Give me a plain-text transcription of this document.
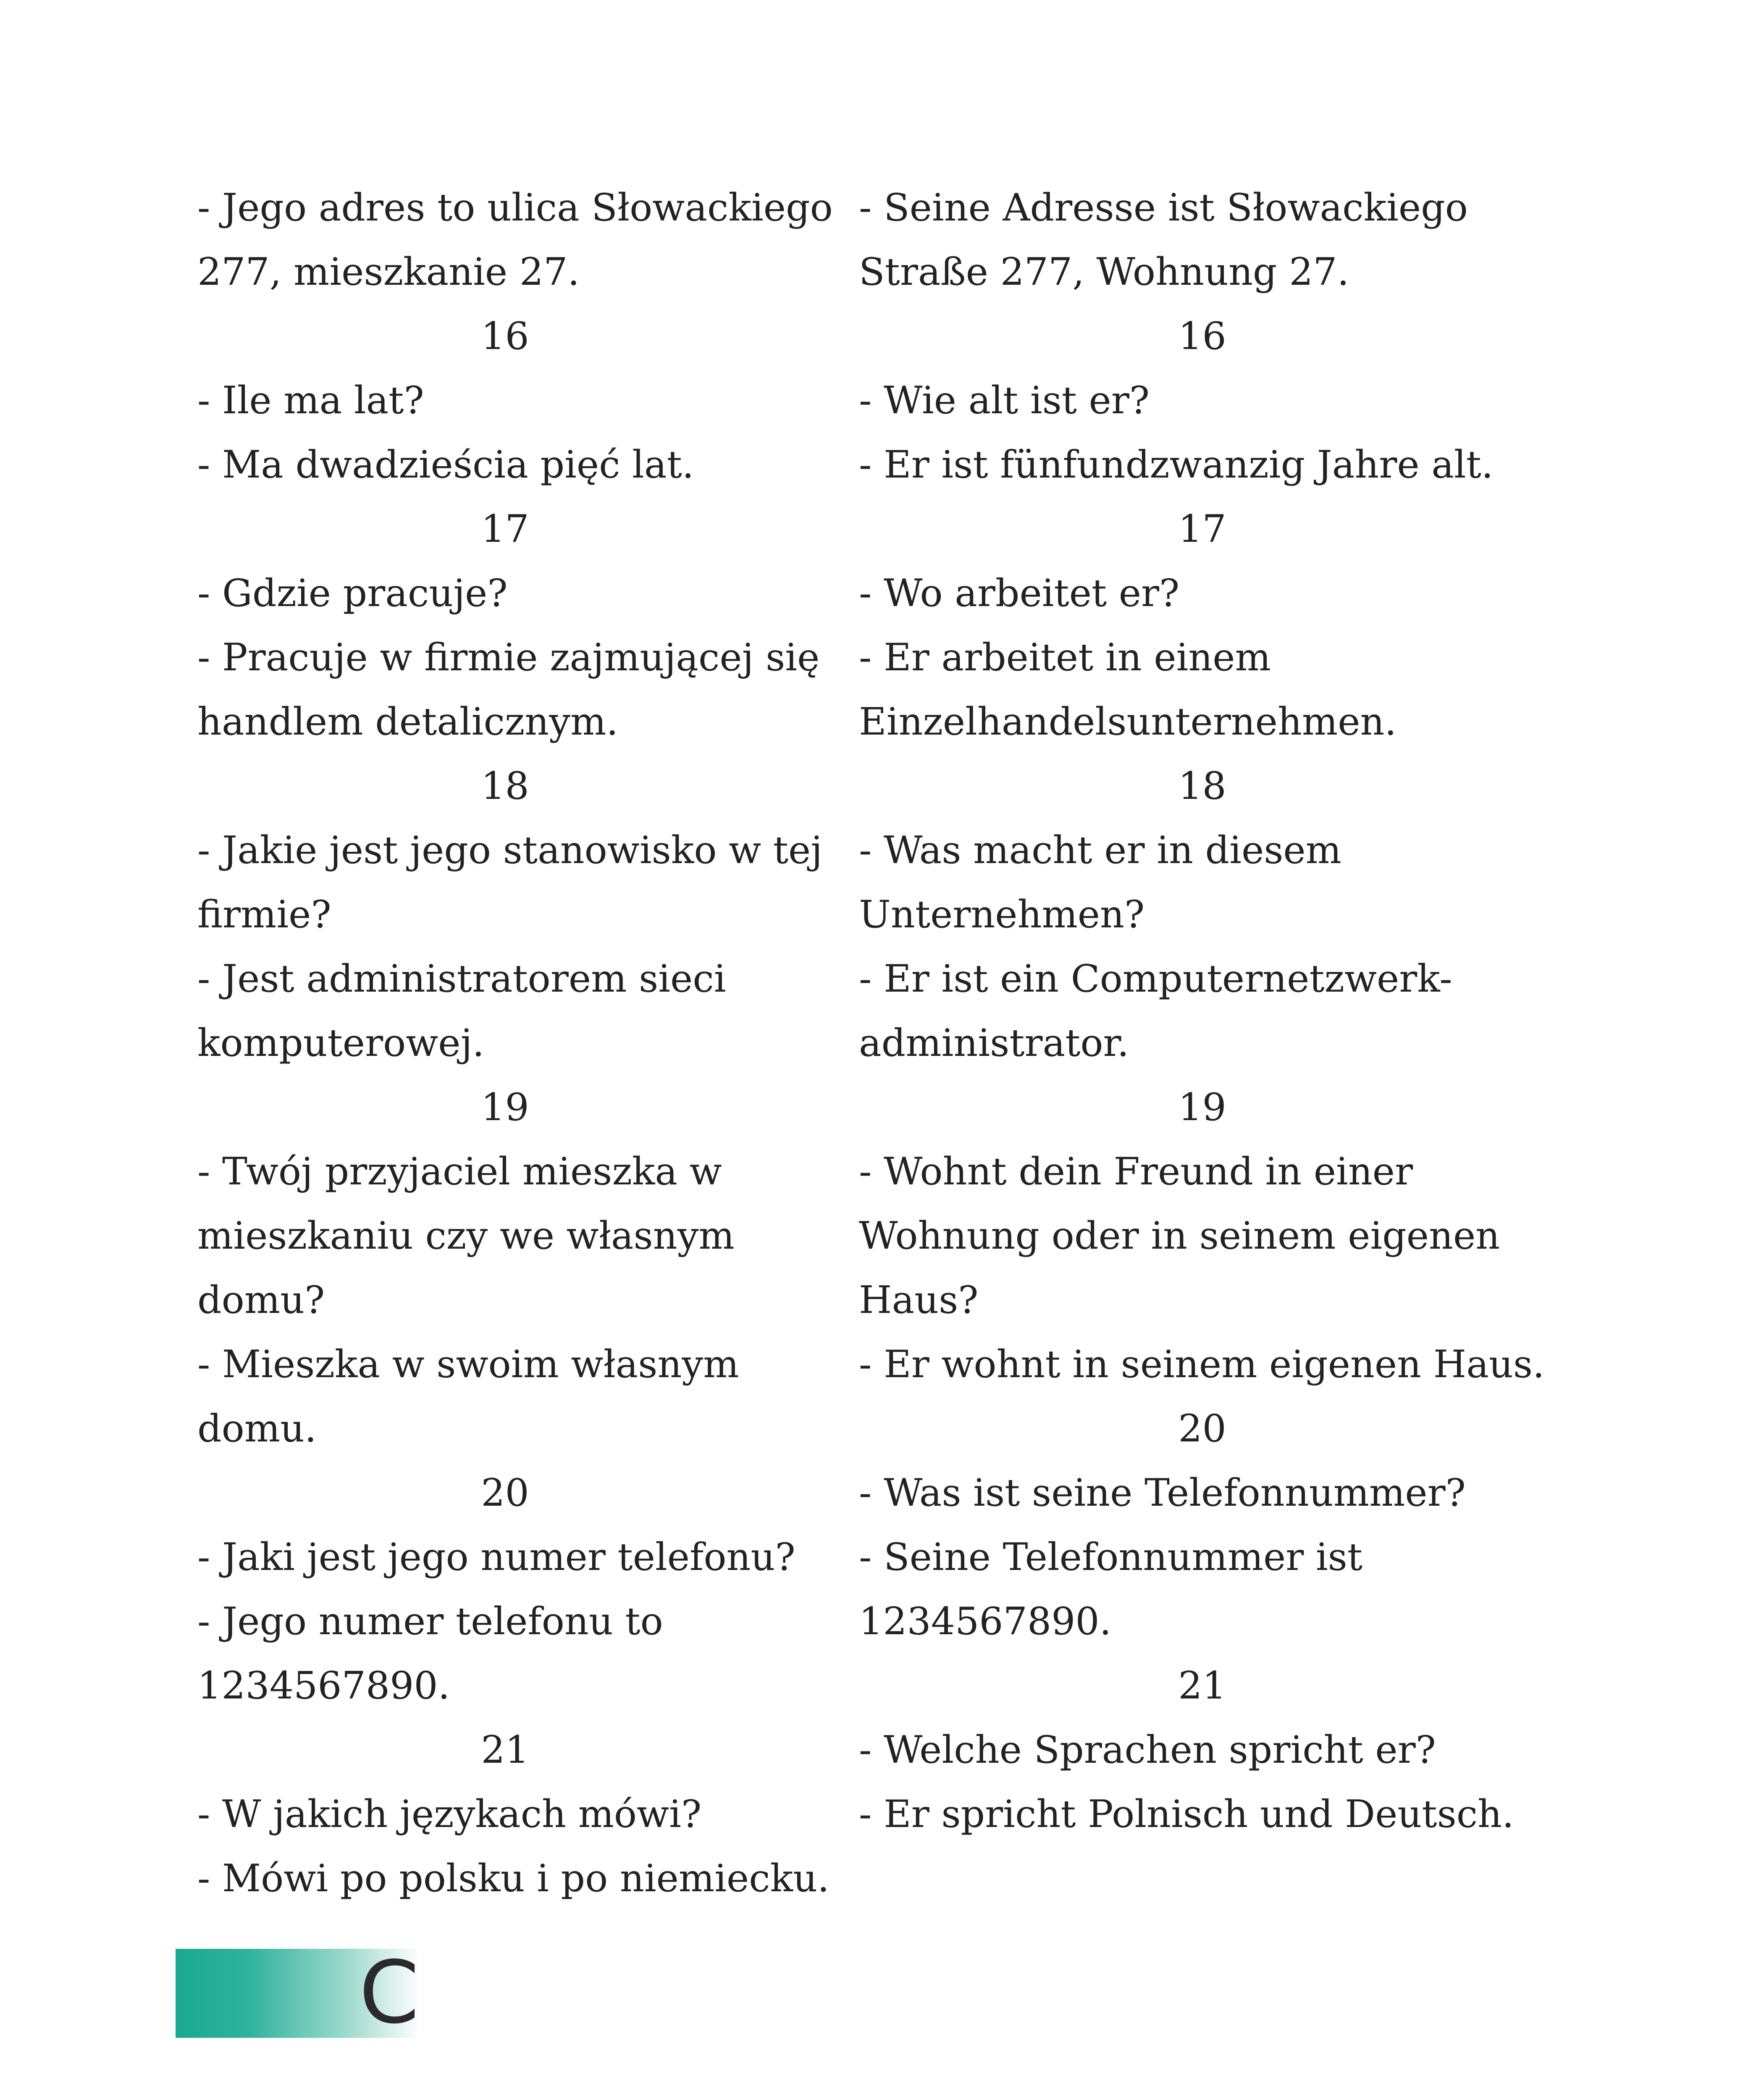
- Jego adres to ulica Słowackiego
277, mieszkanie 27.
16
- Ile ma lat?
- Ma dwadzieścia pięć lat.
17
- Gdzie pracuje?
- Pracuje w firmie zajmującej się
handlem detalicznym.
18
- Jakie jest jego stanowisko w tej
firmie?
- Jest administratorem sieci
komputerowej.
19
- Twój przyjaciel mieszka w
mieszkaniu czy we własnym
domu?
- Mieszka w swoim własnym
domu.
20
- Jaki jest jego numer telefonu?
- Jego numer telefonu to
1234567890.
21
- W jakich językach mówi?
- Mówi po polsku i po niemiecku.
- Seine Adresse ist Słowackiego
Straße 277, Wohnung 27.
16
- Wie alt ist er?
- Er ist fünfundzwanzig Jahre alt.
17
- Wo arbeitet er?
- Er arbeitet in einem
Einzelhandelsunternehmen.
18
- Was macht er in diesem
Unternehmen?
- Er ist ein Computernetzwerk-
administrator.
19
- Wohnt dein Freund in einer
Wohnung oder in seinem eigenen
Haus?
- Er wohnt in seinem eigenen Haus.
20
- Was ist seine Telefonnummer?
- Seine Telefonnummer ist
1234567890.
21
- Welche Sprachen spricht er?
- Er spricht Polnisch und Deutsch.
C
